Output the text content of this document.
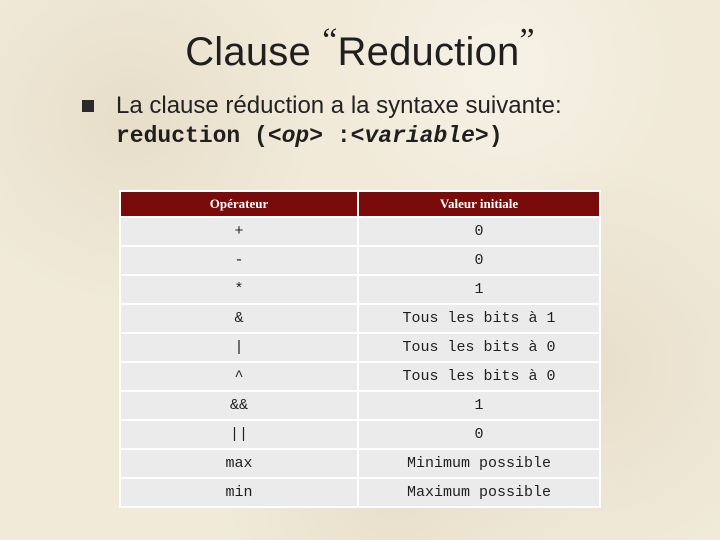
Clause “Reduction”
La clause réduction a la syntaxe suivante:
reduction (<op> :<variable>)
Opérateur	Valeur initiale
+	0
-	0
*	1
&	Tous les bits à 1
|	Tous les bits à 0
^	Tous les bits à 0
&&	1
||	0
max	Minimum possible
min	Maximum possible
